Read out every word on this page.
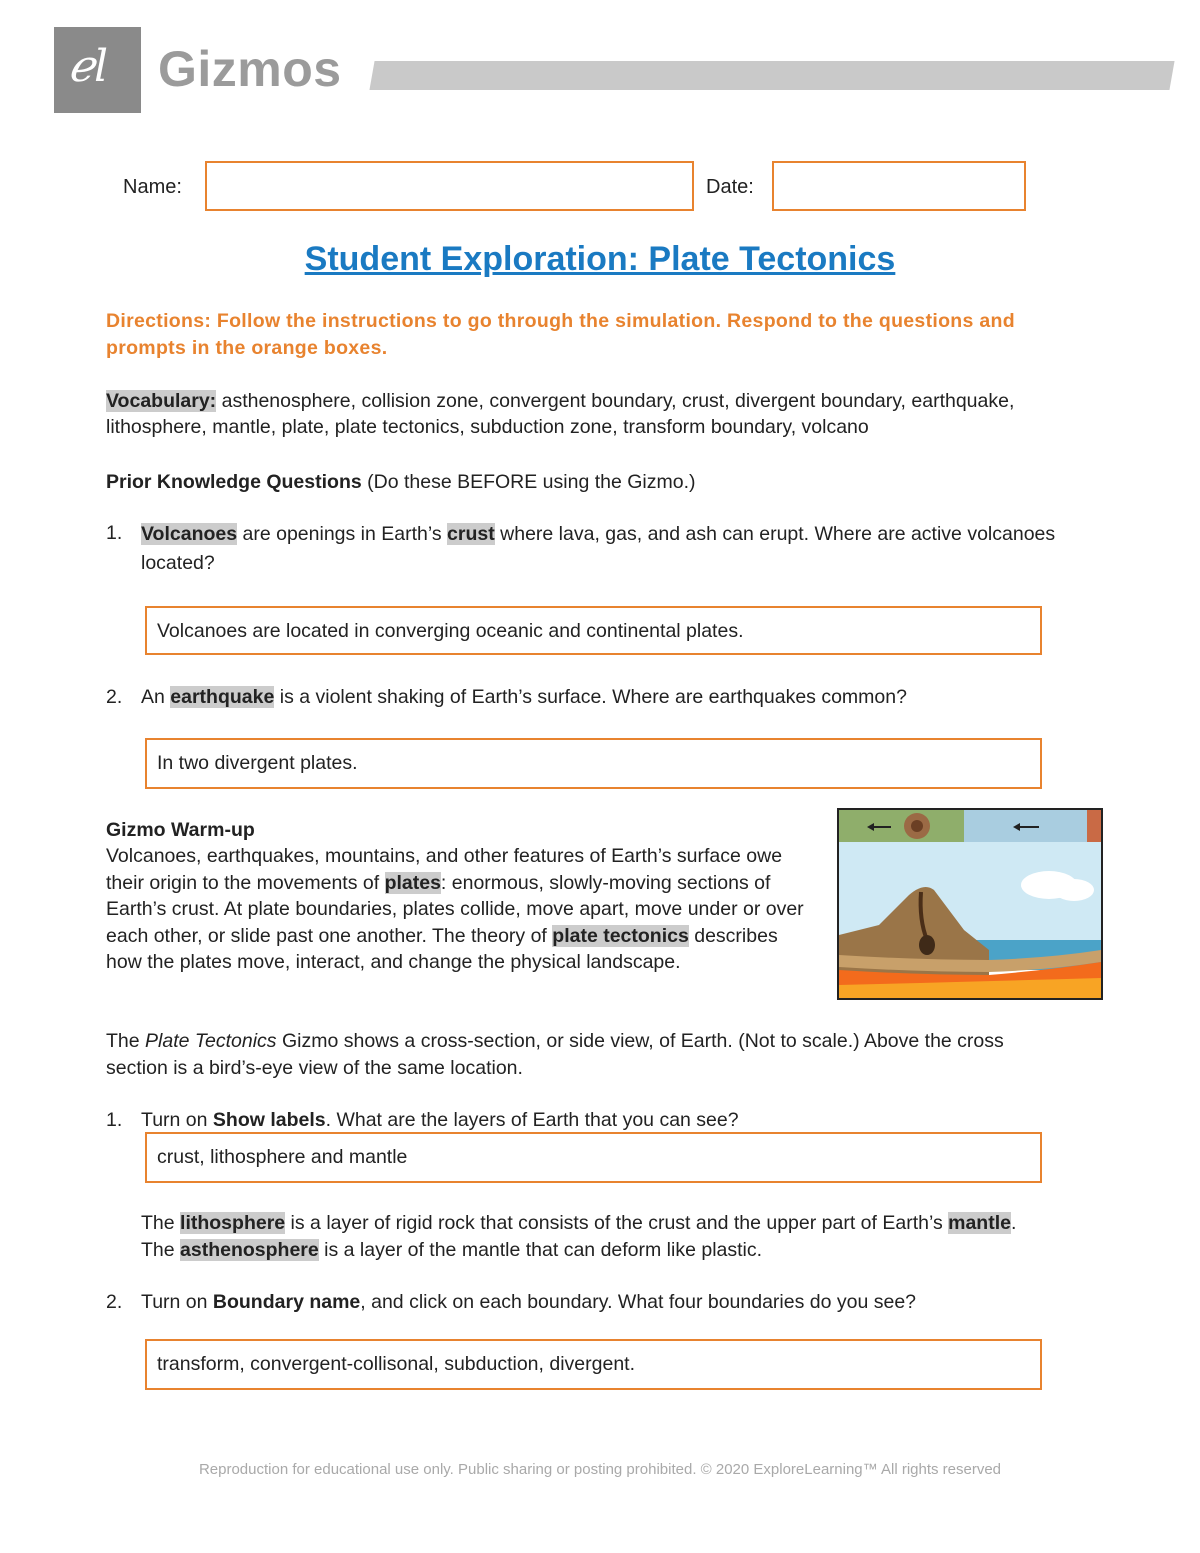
ℯl Gizmos
Name:	Date:
Student Exploration: Plate Tectonics
Directions: Follow the instructions to go through the simulation. Respond to the questions and prompts in the orange boxes.
Vocabulary: asthenosphere, collision zone, convergent boundary, crust, divergent boundary, earthquake, lithosphere, mantle, plate, plate tectonics, subduction zone, transform boundary, volcano
Prior Knowledge Questions (Do these BEFORE using the Gizmo.)
1. Volcanoes are openings in Earth’s crust where lava, gas, and ash can erupt. Where are active volcanoes located?
Volcanoes are located in converging oceanic and continental plates.
2. An earthquake is a violent shaking of Earth’s surface. Where are earthquakes common?
In two divergent plates.
Gizmo Warm-up
Volcanoes, earthquakes, mountains, and other features of Earth’s surface owe their origin to the movements of plates: enormous, slowly-moving sections of Earth’s crust. At plate boundaries, plates collide, move apart, move under or over each other, or slide past one another. The theory of plate tectonics describes how the plates move, interact, and change the physical landscape.
The Plate Tectonics Gizmo shows a cross-section, or side view, of Earth. (Not to scale.) Above the cross section is a bird’s-eye view of the same location.
1. Turn on Show labels. What are the layers of Earth that you can see?
crust, lithosphere and mantle
The lithosphere is a layer of rigid rock that consists of the crust and the upper part of Earth’s mantle. The asthenosphere is a layer of the mantle that can deform like plastic.
2. Turn on Boundary name, and click on each boundary. What four boundaries do you see?
transform, convergent-collisonal, subduction, divergent.
Reproduction for educational use only. Public sharing or posting prohibited. © 2020 ExploreLearning™ All rights reserved
